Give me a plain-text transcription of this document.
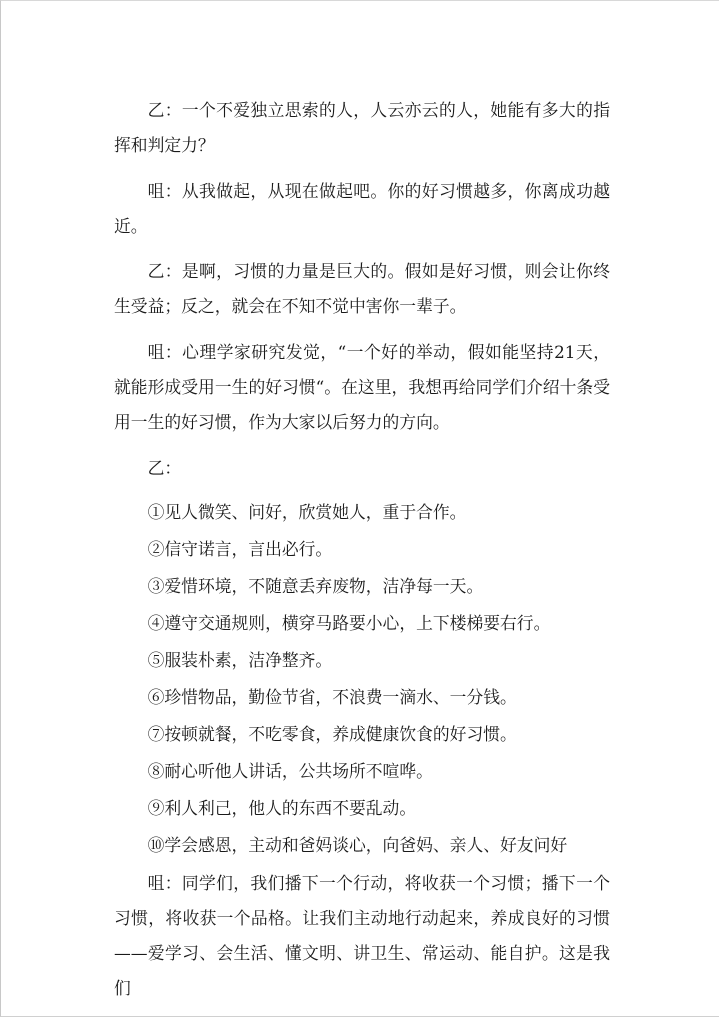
乙：一个不爱独立思索的人，人云亦云的人，她能有多大的指挥和判定力？

咀：从我做起，从现在做起吧。你的好习惯越多，你离成功越近。

乙：是啊，习惯的力量是巨大的。假如是好习惯，则会让你终生受益；反之，就会在不知不觉中害你一辈子。

咀：心理学家研究发觉，“一个好的举动，假如能坚持21天，就能形成受用一生的好习惯“。在这里，我想再给同学们介绍十条受用一生的好习惯，作为大家以后努力的方向。

乙：

①见人微笑、问好，欣赏她人，重于合作。

②信守诺言，言出必行。

③爱惜环境，不随意丢弃废物，洁净每一天。

④遵守交通规则，横穿马路要小心，上下楼梯要右行。

⑤服装朴素，洁净整齐。

⑥珍惜物品，勤俭节省，不浪费一滴水、一分钱。

⑦按顿就餐，不吃零食，养成健康饮食的好习惯。

⑧耐心听他人讲话，公共场所不喧哗。

⑨利人利己，他人的东西不要乱动。

⑩学会感恩，主动和爸妈谈心，向爸妈、亲人、好友问好

咀：同学们，我们播下一个行动，将收获一个习惯；播下一个习惯，将收获一个品格。让我们主动地行动起来，养成良好的习惯——爱学习、会生活、懂文明、讲卫生、常运动、能自护。这是我们
